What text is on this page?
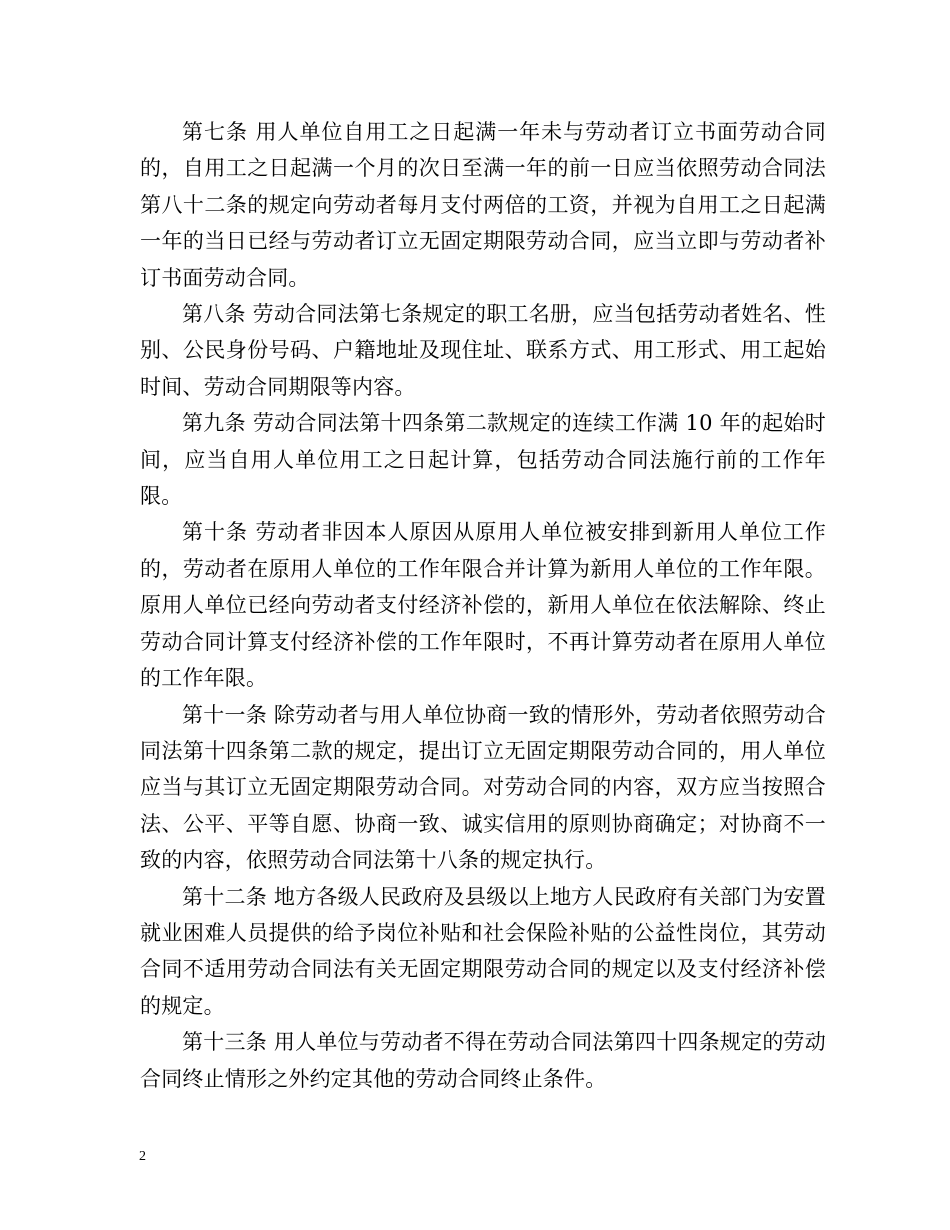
第七条 用人单位自用工之日起满一年未与劳动者订立书面劳动合同的，自用工之日起满一个月的次日至满一年的前一日应当依照劳动合同法第八十二条的规定向劳动者每月支付两倍的工资，并视为自用工之日起满一年的当日已经与劳动者订立无固定期限劳动合同，应当立即与劳动者补订书面劳动合同。

第八条 劳动合同法第七条规定的职工名册，应当包括劳动者姓名、性别、公民身份号码、户籍地址及现住址、联系方式、用工形式、用工起始时间、劳动合同期限等内容。

第九条 劳动合同法第十四条第二款规定的连续工作满 10 年的起始时间，应当自用人单位用工之日起计算，包括劳动合同法施行前的工作年限。

第十条 劳动者非因本人原因从原用人单位被安排到新用人单位工作的，劳动者在原用人单位的工作年限合并计算为新用人单位的工作年限。原用人单位已经向劳动者支付经济补偿的，新用人单位在依法解除、终止劳动合同计算支付经济补偿的工作年限时，不再计算劳动者在原用人单位的工作年限。

第十一条 除劳动者与用人单位协商一致的情形外，劳动者依照劳动合同法第十四条第二款的规定，提出订立无固定期限劳动合同的，用人单位应当与其订立无固定期限劳动合同。对劳动合同的内容，双方应当按照合法、公平、平等自愿、协商一致、诚实信用的原则协商确定；对协商不一致的内容，依照劳动合同法第十八条的规定执行。

第十二条 地方各级人民政府及县级以上地方人民政府有关部门为安置就业困难人员提供的给予岗位补贴和社会保险补贴的公益性岗位，其劳动合同不适用劳动合同法有关无固定期限劳动合同的规定以及支付经济补偿的规定。

第十三条 用人单位与劳动者不得在劳动合同法第四十四条规定的劳动合同终止情形之外约定其他的劳动合同终止条件。

2
